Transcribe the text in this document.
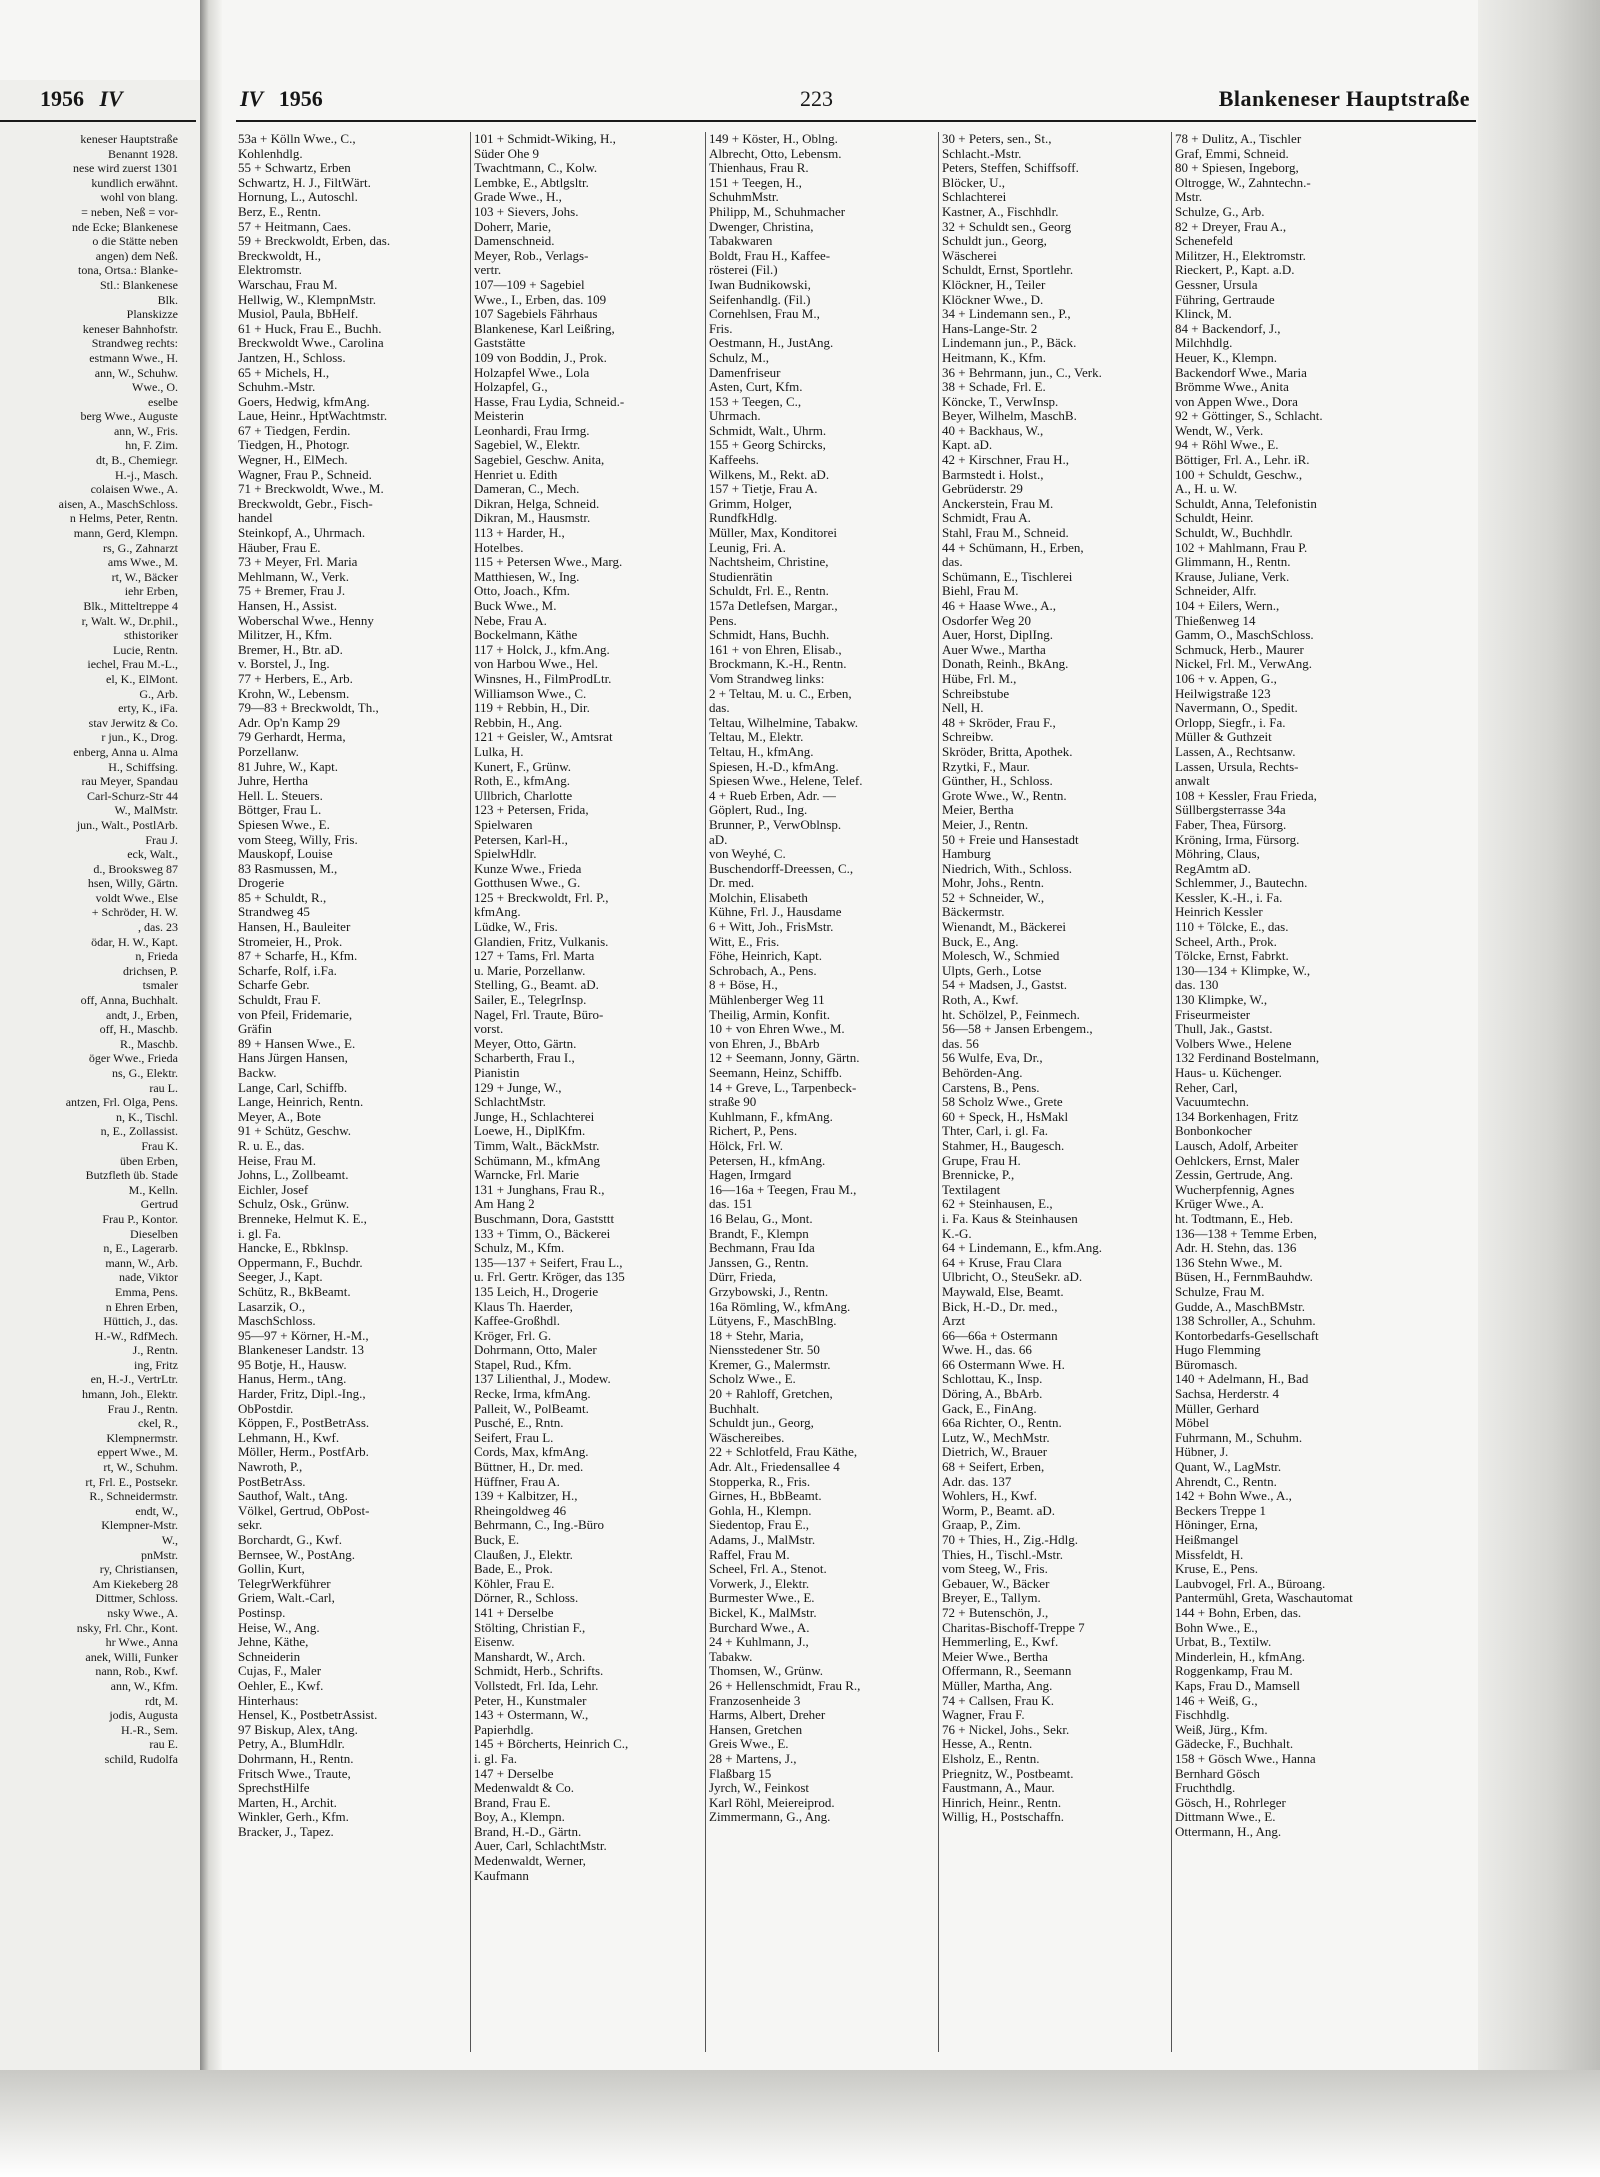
keneser Hauptstraße
Benannt 1928.
nese wird zuerst 1301
kundlich erwähnt.
wohl von blang.
= neben, Neß = vor-
nde Ecke; Blankenese
o die Stätte neben
angen) dem Neß.
tona, Ortsa.: Blanke-
Stl.: Blankenese
Blk.
Planskizze
keneser Bahnhofstr.
Strandweg rechts:
estmann Wwe., H.
ann, W., Schuhw.
Wwe., O.
eselbe
berg Wwe., Auguste
ann, W., Fris.
hn, F. Zim.
dt, B., Chemiegr.
H.-j., Masch.
colaisen Wwe., A.
aisen, A., MaschSchloss.
n Helms, Peter, Rentn.
mann, Gerd, Klempn.
rs, G., Zahnarzt
ams Wwe., M.
rt, W., Bäcker
iehr Erben,
Blk., Mitteltreppe 4
r, Walt. W., Dr.phil.,
sthistoriker
Lucie, Rentn.
iechel, Frau M.-L.,
el, K., ElMont.
G., Arb.
erty, K., iFa.
stav Jerwitz & Co.
r jun., K., Drog.
enberg, Anna u. Alma
H., Schiffsing.
rau Meyer, Spandau
Carl-Schurz-Str 44
W., MalMstr.
jun., Walt., PostlArb.
Frau J.
eck, Walt.,
d., Brooksweg 87
hsen, Willy, Gärtn.
voldt Wwe., Else
+ Schröder, H. W.
, das. 23
ödar, H. W., Kapt.
n, Frieda
drichsen, P.
tsmaler
off, Anna, Buchhalt.
andt, J., Erben,
off, H., Maschb.
R., Maschb.
öger Wwe., Frieda
ns, G., Elektr.
rau L.
antzen, Frl. Olga, Pens.
n, K., Tischl.
n, E., Zollassist.
Frau K.
üben Erben,
Butzfleth üb. Stade
M., Kelln.
Gertrud
Frau P., Kontor.
Dieselben
n, E., Lagerarb.
mann, W., Arb.
nade, Viktor
Emma, Pens.
n Ehren Erben,
Hüttich, J., das.
H.-W., RdfMech.
J., Rentn.
ing, Fritz
en, H.-J., VertrLtr.
hmann, Joh., Elektr.
Frau J., Rentn.
ckel, R.,
Klempnermstr.
eppert Wwe., M.
rt, W., Schuhm.
rt, Frl. E., Postsekr.
R., Schneidermstr.
endt, W.,
Klempner-Mstr.
W.,
pnMstr.
ry, Christiansen,
Am Kiekeberg 28
Dittmer, Schloss.
nsky Wwe., A.
nsky, Frl. Chr., Kont.
hr Wwe., Anna
anek, Willi, Funker
nann, Rob., Kwf.
ann, W., Kfm.
rdt, M.
jodis, Augusta
H.-R., Sem.
rau E.
schild, Rudolfa
1956 IV	IV 1956	223	Blankeneser Hauptstraße
53a + Kölln Wwe., C.,
Kohlenhdlg.
55 + Schwartz, Erben
Schwartz, H. J., FiltWärt.
Hornung, L., Autoschl.
Berz, E., Rentn.
57 + Heitmann, Caes.
59 + Breckwoldt, Erben, das.
Breckwoldt, H.,
Elektromstr.
Warschau, Frau M.
Hellwig, W., KlempnMstr.
Musiol, Paula, BbHelf.
61 + Huck, Frau E., Buchh.
Breckwoldt Wwe., Carolina
Jantzen, H., Schloss.
65 + Michels, H.,
Schuhm.-Mstr.
Goers, Hedwig, kfmAng.
Laue, Heinr., HptWachtmstr.
67 + Tiedgen, Ferdin.
Tiedgen, H., Photogr.
Wegner, H., ElMech.
Wagner, Frau P., Schneid.
71 + Breckwoldt, Wwe., M.
Breckwoldt, Gebr., Fisch-
handel
Steinkopf, A., Uhrmach.
Häuber, Frau E.
73 + Meyer, Frl. Maria
Mehlmann, W., Verk.
75 + Bremer, Frau J.
Hansen, H., Assist.
Woberschal Wwe., Henny
Militzer, H., Kfm.
Bremer, H., Btr. aD.
v. Borstel, J., Ing.
77 + Herbers, E., Arb.
Krohn, W., Lebensm.
79—83 + Breckwoldt, Th.,
Adr. Op'n Kamp 29
79 Gerhardt, Herma,
Porzellanw.
81 Juhre, W., Kapt.
Juhre, Hertha
Hell. L. Steuers.
Böttger, Frau L.
Spiesen Wwe., E.
vom Steeg, Willy, Fris.
Mauskopf, Louise
83 Rasmussen, M.,
Drogerie
85 + Schuldt, R.,
Strandweg 45
Hansen, H., Bauleiter
Stromeier, H., Prok.
87 + Scharfe, H., Kfm.
Scharfe, Rolf, i.Fa.
Scharfe Gebr.
Schuldt, Frau F.
von Pfeil, Fridemarie,
Gräfin
89 + Hansen Wwe., E.
Hans Jürgen Hansen,
Backw.
Lange, Carl, Schiffb.
Lange, Heinrich, Rentn.
Meyer, A., Bote
91 + Schütz, Geschw.
R. u. E., das.
Heise, Frau M.
Johns, L., Zollbeamt.
Eichler, Josef
Schulz, Osk., Grünw.
Brenneke, Helmut K. E.,
i. gl. Fa.
Hancke, E., Rbklnsp.
Oppermann, F., Buchdr.
Seeger, J., Kapt.
Schütz, R., BkBeamt.
Lasarzik, O.,
MaschSchloss.
95—97 + Körner, H.-M.,
Blankeneser Landstr. 13
95 Botje, H., Hausw.
Hanus, Herm., tAng.
Harder, Fritz, Dipl.-Ing.,
ObPostdir.
Köppen, F., PostBetrAss.
Lehmann, H., Kwf.
Möller, Herm., PostfArb.
Nawroth, P.,
PostBetrAss.
Sauthof, Walt., tAng.
Völkel, Gertrud, ObPost-
sekr.
Borchardt, G., Kwf.
Bernsee, W., PostAng.
Gollin, Kurt,
TelegrWerkführer
Griem, Walt.-Carl,
Postinsp.
Heise, W., Ang.
Jehne, Käthe,
Schneiderin
Cujas, F., Maler
Oehler, E., Kwf.
Hinterhaus:
Hensel, K., PostbetrAssist.
97 Biskup, Alex, tAng.
Petry, A., BlumHdlr.
Dohrmann, H., Rentn.
Fritsch Wwe., Traute,
SprechstHilfe
Marten, H., Archit.
Winkler, Gerh., Kfm.
Bracker, J., Tapez.
101 + Schmidt-Wiking, H.,
Süder Ohe 9
Twachtmann, C., Kolw.
Lembke, E., Abtlgsltr.
Grade Wwe., H.,
103 + Sievers, Johs.
Doherr, Marie,
Damenschneid.
Meyer, Rob., Verlags-
vertr.
107—109 + Sagebiel
Wwe., I., Erben, das. 109
107 Sagebiels Fährhaus
Blankenese, Karl Leißring,
Gaststätte
109 von Boddin, J., Prok.
Holzapfel Wwe., Lola
Holzapfel, G.,
Hasse, Frau Lydia, Schneid.-
Meisterin
Leonhardi, Frau Irmg.
Sagebiel, W., Elektr.
Sagebiel, Geschw. Anita,
Henriet u. Edith
Dameran, C., Mech.
Dikran, Helga, Schneid.
Dikran, M., Hausmstr.
113 + Harder, H.,
Hotelbes.
115 + Petersen Wwe., Marg.
Matthiesen, W., Ing.
Otto, Joach., Kfm.
Buck Wwe., M.
Nebe, Frau A.
Bockelmann, Käthe
117 + Holck, J., kfm.Ang.
von Harbou Wwe., Hel.
Winsnes, H., FilmProdLtr.
Williamson Wwe., C.
119 + Rebbin, H., Dir.
Rebbin, H., Ang.
121 + Geisler, W., Amtsrat
Lulka, H.
Kunert, F., Grünw.
Roth, E., kfmAng.
Ullbrich, Charlotte
123 + Petersen, Frida,
Spielwaren
Petersen, Karl-H.,
SpielwHdlr.
Kunze Wwe., Frieda
Gotthusen Wwe., G.
125 + Breckwoldt, Frl. P.,
kfmAng.
Lüdke, W., Fris.
Glandien, Fritz, Vulkanis.
127 + Tams, Frl. Marta
u. Marie, Porzellanw.
Stelling, G., Beamt. aD.
Sailer, E., TelegrInsp.
Nagel, Frl. Traute, Büro-
vorst.
Meyer, Otto, Gärtn.
Scharberth, Frau I.,
Pianistin
129 + Junge, W.,
SchlachtMstr.
Junge, H., Schlachterei
Loewe, H., DiplKfm.
Timm, Walt., BäckMstr.
Schümann, M., kfmAng
Warncke, Frl. Marie
131 + Junghans, Frau R.,
Am Hang 2
Buschmann, Dora, Gaststtt
133 + Timm, O., Bäckerei
Schulz, M., Kfm.
135—137 + Seifert, Frau L.,
u. Frl. Gertr. Kröger, das 135
135 Leich, H., Drogerie
Klaus Th. Haerder,
Kaffee-Großhdl.
Kröger, Frl. G.
Dohrmann, Otto, Maler
Stapel, Rud., Kfm.
137 Lilienthal, J., Modew.
Recke, Irma, kfmAng.
Palleit, W., PolBeamt.
Pusché, E., Rntn.
Seifert, Frau L.
Cords, Max, kfmAng.
Büttner, H., Dr. med.
Hüffner, Frau A.
139 + Kalbitzer, H.,
Rheingoldweg 46
Behrmann, C., Ing.-Büro
Buck, E.
Claußen, J., Elektr.
Bade, E., Prok.
Köhler, Frau E.
Dörner, R., Schloss.
141 + Derselbe
Stölting, Christian F.,
Eisenw.
Manshardt, W., Arch.
Schmidt, Herb., Schrifts.
Vollstedt, Frl. Ida, Lehr.
Peter, H., Kunstmaler
143 + Ostermann, W.,
Papierhdlg.
145 + Börcherts, Heinrich C.,
i. gl. Fa.
147 + Derselbe
Medenwaldt & Co.
Brand, Frau E.
Boy, A., Klempn.
Brand, H.-D., Gärtn.
Auer, Carl, SchlachtMstr.
Medenwaldt, Werner,
Kaufmann
149 + Köster, H., Oblng.
Albrecht, Otto, Lebensm.
Thienhaus, Frau R.
151 + Teegen, H.,
SchuhmMstr.
Philipp, M., Schuhmacher
Dwenger, Christina,
Tabakwaren
Boldt, Frau H., Kaffee-
rösterei (Fil.)
Iwan Budnikowski,
Seifenhandlg. (Fil.)
Cornehlsen, Frau M.,
Fris.
Oestmann, H., JustAng.
Schulz, M.,
Damenfriseur
Asten, Curt, Kfm.
153 + Teegen, C.,
Uhrmach.
Schmidt, Walt., Uhrm.
155 + Georg Schircks,
Kaffeehs.
Wilkens, M., Rekt. aD.
157 + Tietje, Frau A.
Grimm, Holger,
RundfkHdlg.
Müller, Max, Konditorei
Leunig, Fri. A.
Nachtsheim, Christine,
Studienrätin
Schuldt, Frl. E., Rentn.
157a Detlefsen, Margar.,
Pens.
Schmidt, Hans, Buchh.
161 + von Ehren, Elisab.,
Brockmann, K.-H., Rentn.
Vom Strandweg links:
2 + Teltau, M. u. C., Erben,
das.
Teltau, Wilhelmine, Tabakw.
Teltau, M., Elektr.
Teltau, H., kfmAng.
Spiesen, H.-D., kfmAng.
Spiesen Wwe., Helene, Telef.
4 + Rueb Erben, Adr. —
Göplert, Rud., Ing.
Brunner, P., VerwOblnsp.
aD.
von Weyhé, C.
Buschendorff-Dreessen, C.,
Dr. med.
Molchin, Elisabeth
Kühne, Frl. J., Hausdame
6 + Witt, Joh., FrisMstr.
Witt, E., Fris.
Föhe, Heinrich, Kapt.
Schrobach, A., Pens.
8 + Böse, H.,
Mühlenberger Weg 11
Theilig, Armin, Konfit.
10 + von Ehren Wwe., M.
von Ehren, J., BbArb
12 + Seemann, Jonny, Gärtn.
Seemann, Heinz, Schiffb.
14 + Greve, L., Tarpenbeck-
straße 90
Kuhlmann, F., kfmAng.
Richert, P., Pens.
Hölck, Frl. W.
Petersen, H., kfmAng.
Hagen, Irmgard
16—16a + Teegen, Frau M.,
das. 151
16 Belau, G., Mont.
Brandt, F., Klempn
Bechmann, Frau Ida
Janssen, G., Rentn.
Dürr, Frieda,
Grzybowski, J., Rentn.
16a Römling, W., kfmAng.
Lütyens, F., MaschBlng.
18 + Stehr, Maria,
Niensstedener Str. 50
Kremer, G., Malermstr.
Scholz Wwe., E.
20 + Rahloff, Gretchen,
Buchhalt.
Schuldt jun., Georg,
Wäschereibes.
22 + Schlotfeld, Frau Käthe,
Adr. Alt., Friedensallee 4
Stopperka, R., Fris.
Girnes, H., BbBeamt.
Gohla, H., Klempn.
Siedentop, Frau E.,
Adams, J., MalMstr.
Raffel, Frau M.
Scheel, Frl. A., Stenot.
Vorwerk, J., Elektr.
Burmester Wwe., E.
Bickel, K., MalMstr.
Burchard Wwe., A.
24 + Kuhlmann, J.,
Tabakw.
Thomsen, W., Grünw.
26 + Hellenschmidt, Frau R.,
Franzosenheide 3
Harms, Albert, Dreher
Hansen, Gretchen
Greis Wwe., E.
28 + Martens, J.,
Flaßbarg 15
Jyrch, W., Feinkost
Karl Röhl, Meiereiprod.
Zimmermann, G., Ang.
30 + Peters, sen., St.,
Schlacht.-Mstr.
Peters, Steffen, Schiffsoff.
Blöcker, U.,
Schlachterei
Kastner, A., Fischhdlr.
32 + Schuldt sen., Georg
Schuldt jun., Georg,
Wäscherei
Schuldt, Ernst, Sportlehr.
Klöckner, H., Teiler
Klöckner Wwe., D.
34 + Lindemann sen., P.,
Hans-Lange-Str. 2
Lindemann jun., P., Bäck.
Heitmann, K., Kfm.
36 + Behrmann, jun., C., Verk.
38 + Schade, Frl. E.
Köncke, T., VerwInsp.
Beyer, Wilhelm, MaschB.
40 + Backhaus, W.,
Kapt. aD.
42 + Kirschner, Frau H.,
Barmstedt i. Holst.,
Gebrüderstr. 29
Anckerstein, Frau M.
Schmidt, Frau A.
Stahl, Frau M., Schneid.
44 + Schümann, H., Erben,
das.
Schümann, E., Tischlerei
Biehl, Frau M.
46 + Haase Wwe., A.,
Osdorfer Weg 20
Auer, Horst, DiplIng.
Auer Wwe., Martha
Donath, Reinh., BkAng.
Hübe, Frl. M.,
Schreibstube
Nell, H.
48 + Skröder, Frau F.,
Schreibw.
Skröder, Britta, Apothek.
Rzytki, F., Maur.
Günther, H., Schloss.
Grote Wwe., W., Rentn.
Meier, Bertha
Meier, J., Rentn.
50 + Freie und Hansestadt
Hamburg
Niedrich, With., Schloss.
Mohr, Johs., Rentn.
52 + Schneider, W.,
Bäckermstr.
Wienandt, M., Bäckerei
Buck, E., Ang.
Molesch, W., Schmied
Ulpts, Gerh., Lotse
54 + Madsen, J., Gastst.
Roth, A., Kwf.
ht. Schölzel, P., Feinmech.
56—58 + Jansen Erbengem.,
das. 56
56 Wulfe, Eva, Dr.,
Behörden-Ang.
Carstens, B., Pens.
58 Scholz Wwe., Grete
60 + Speck, H., HsMakl
Thter, Carl, i. gl. Fa.
Stahmer, H., Baugesch.
Grupe, Frau H.
Brennicke, P.,
Textilagent
62 + Steinhausen, E.,
i. Fa. Kaus & Steinhausen
K.-G.
64 + Lindemann, E., kfm.Ang.
64 + Kruse, Frau Clara
Ulbricht, O., SteuSekr. aD.
Maywald, Else, Beamt.
Bick, H.-D., Dr. med.,
Arzt
66—66a + Ostermann
Wwe. H., das. 66
66 Ostermann Wwe. H.
Schlottau, K., Insp.
Döring, A., BbArb.
Gack, E., FinAng.
66a Richter, O., Rentn.
Lutz, W., MechMstr.
Dietrich, W., Brauer
68 + Seifert, Erben,
Adr. das. 137
Wohlers, H., Kwf.
Worm, P., Beamt. aD.
Graap, P., Zim.
70 + Thies, H., Zig.-Hdlg.
Thies, H., Tischl.-Mstr.
vom Steeg, W., Fris.
Gebauer, W., Bäcker
Breyer, E., Tallym.
72 + Butenschön, J.,
Charitas-Bischoff-Treppe 7
Hemmerling, E., Kwf.
Meier Wwe., Bertha
Offermann, R., Seemann
Müller, Martha, Ang.
74 + Callsen, Frau K.
Wagner, Frau F.
76 + Nickel, Johs., Sekr.
Hesse, A., Rentn.
Elsholz, E., Rentn.
Priegnitz, W., Postbeamt.
Faustmann, A., Maur.
Hinrich, Heinr., Rentn.
Willig, H., Postschaffn.
78 + Dulitz, A., Tischler
Graf, Emmi, Schneid.
80 + Spiesen, Ingeborg,
Oltrogge, W., Zahntechn.-
Mstr.
Schulze, G., Arb.
82 + Dreyer, Frau A.,
Schenefeld
Militzer, H., Elektromstr.
Rieckert, P., Kapt. a.D.
Gessner, Ursula
Führing, Gertraude
Klinck, M.
84 + Backendorf, J.,
Milchhdlg.
Heuer, K., Klempn.
Backendorf Wwe., Maria
Brömme Wwe., Anita
von Appen Wwe., Dora
92 + Göttinger, S., Schlacht.
Wendt, W., Verk.
94 + Röhl Wwe., E.
Böttiger, Frl. A., Lehr. iR.
100 + Schuldt, Geschw.,
A., H. u. W.
Schuldt, Anna, Telefonistin
Schuldt, Heinr.
Schuldt, W., Buchhdlr.
102 + Mahlmann, Frau P.
Glimmann, H., Rentn.
Krause, Juliane, Verk.
Schneider, Alfr.
104 + Eilers, Wern.,
Thießenweg 14
Gamm, O., MaschSchloss.
Schmuck, Herb., Maurer
Nickel, Frl. M., VerwAng.
106 + v. Appen, G.,
Heilwigstraße 123
Navermann, O., Spedit.
Orlopp, Siegfr., i. Fa.
Müller & Guthzeit
Lassen, A., Rechtsanw.
Lassen, Ursula, Rechts-
anwalt
108 + Kessler, Frau Frieda,
Süllbergsterrasse 34a
Faber, Thea, Fürsorg.
Kröning, Irma, Fürsorg.
Möhring, Claus,
RegAmtm aD.
Schlemmer, J., Bautechn.
Kessler, K.-H., i. Fa.
Heinrich Kessler
110 + Tölcke, E., das.
Scheel, Arth., Prok.
Tölcke, Ernst, Fabrkt.
130—134 + Klimpke, W.,
das. 130
130 Klimpke, W.,
Friseurmeister
Thull, Jak., Gastst.
Volbers Wwe., Helene
132 Ferdinand Bostelmann,
Haus- u. Küchenger.
Reher, Carl,
Vacuumtechn.
134 Borkenhagen, Fritz
Bonbonkocher
Lausch, Adolf, Arbeiter
Oehlckers, Ernst, Maler
Zessin, Gertrude, Ang.
Wucherpfennig, Agnes
Krüger Wwe., A.
ht. Todtmann, E., Heb.
136—138 + Temme Erben,
Adr. H. Stehn, das. 136
136 Stehn Wwe., M.
Büsen, H., FernmBauhdw.
Schulze, Frau M.
Gudde, A., MaschBMstr.
138 Schroller, A., Schuhm.
Kontorbedarfs-Gesellschaft
Hugo Flemming
Büromasch.
140 + Adelmann, H., Bad
Sachsa, Herderstr. 4
Müller, Gerhard
Möbel
Fuhrmann, M., Schuhm.
Hübner, J.
Quant, W., LagMstr.
Ahrendt, C., Rentn.
142 + Bohn Wwe., A.,
Beckers Treppe 1
Höninger, Erna,
Heißmangel
Missfeldt, H.
Kruse, E., Pens.
Laubvogel, Frl. A., Büroang.
Pantermühl, Greta, Waschautomat
144 + Bohn, Erben, das.
Bohn Wwe., E.,
Urbat, B., Textilw.
Minderlein, H., kfmAng.
Roggenkamp, Frau M.
Kaps, Frau D., Mamsell
146 + Weiß, G.,
Fischhdlg.
Weiß, Jürg., Kfm.
Gädecke, F., Buchhalt.
158 + Gösch Wwe., Hanna
Bernhard Gösch
Fruchthdlg.
Gösch, H., Rohrleger
Dittmann Wwe., E.
Ottermann, H., Ang.
